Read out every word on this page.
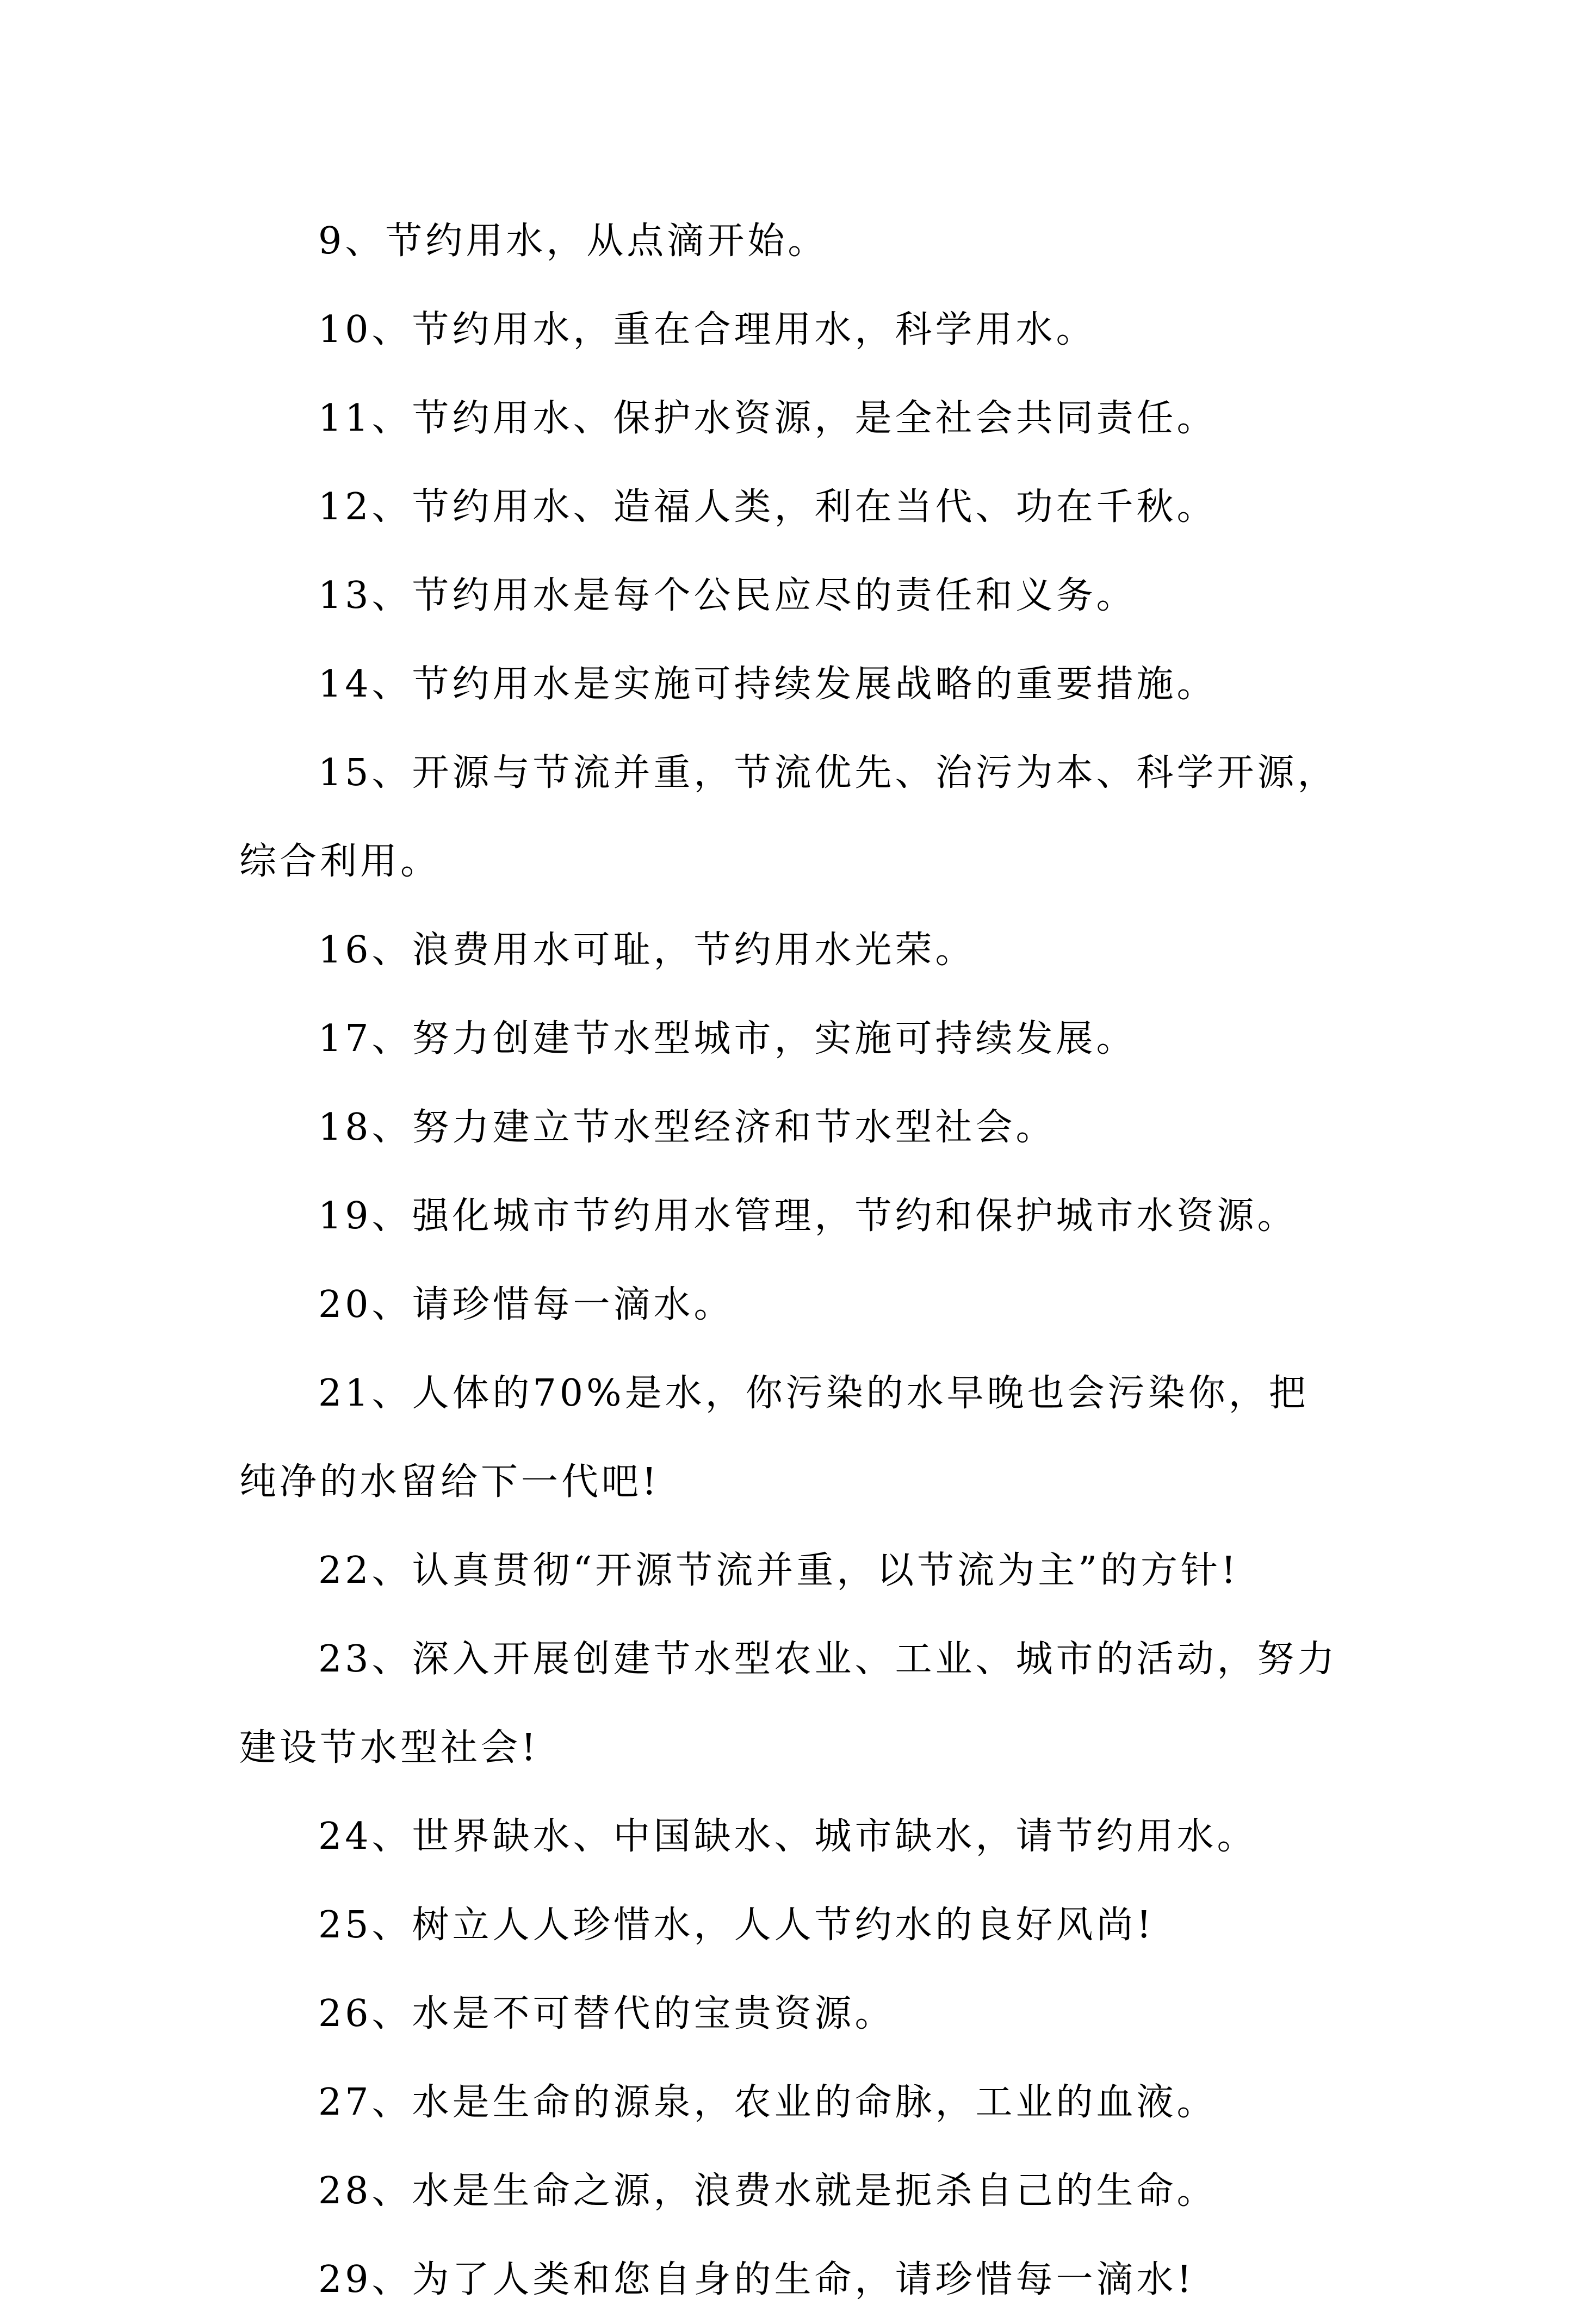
9、节约用水，从点滴开始。

10、节约用水，重在合理用水，科学用水。

11、节约用水、保护水资源，是全社会共同责任。

12、节约用水、造福人类，利在当代、功在千秋。

13、节约用水是每个公民应尽的责任和义务。

14、节约用水是实施可持续发展战略的重要措施。

15、开源与节流并重，节流优先、治污为本、科学开源，综合利用。

16、浪费用水可耻，节约用水光荣。

17、努力创建节水型城市，实施可持续发展。

18、努力建立节水型经济和节水型社会。

19、强化城市节约用水管理，节约和保护城市水资源。

20、请珍惜每一滴水。

21、人体的70%是水，你污染的水早晚也会污染你，把纯净的水留给下一代吧!

22、认真贯彻“开源节流并重，以节流为主”的方针!

23、深入开展创建节水型农业、工业、城市的活动，努力建设节水型社会!

24、世界缺水、中国缺水、城市缺水，请节约用水。

25、树立人人珍惜水，人人节约水的良好风尚!

26、水是不可替代的宝贵资源。

27、水是生命的源泉，农业的命脉，工业的血液。

28、水是生命之源，浪费水就是扼杀自己的生命。

29、为了人类和您自身的生命，请珍惜每一滴水!
